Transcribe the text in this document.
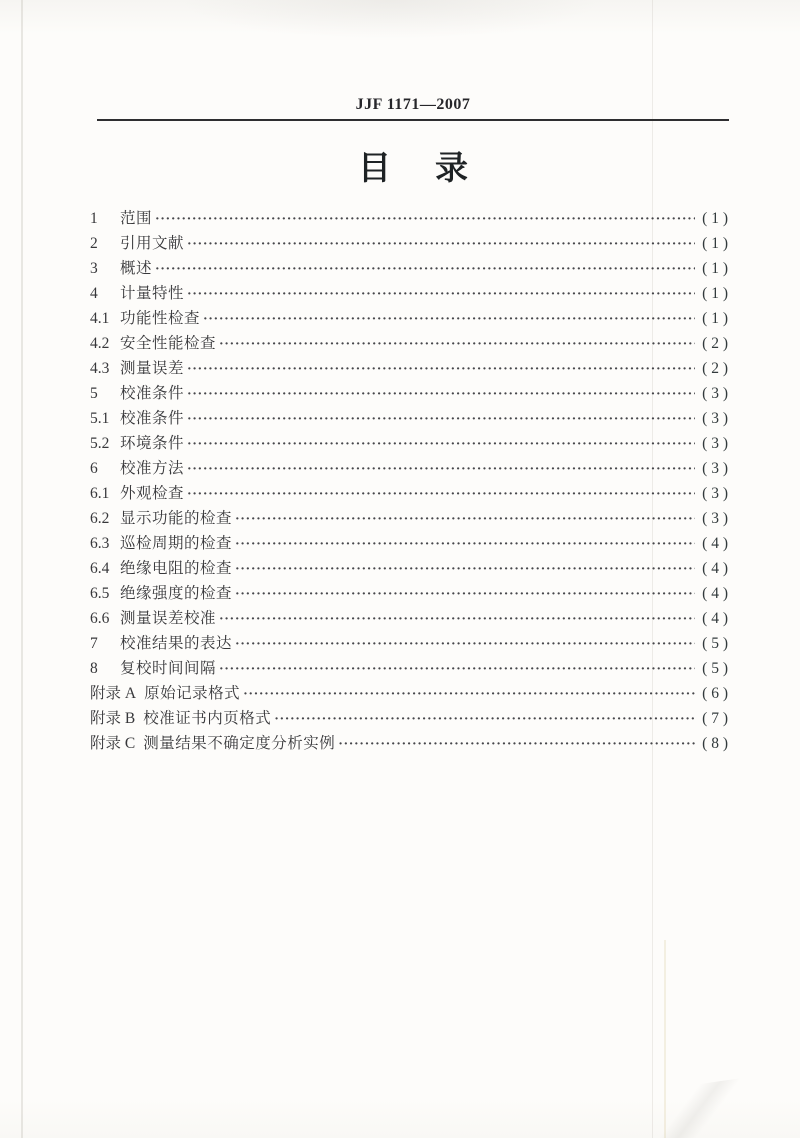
JJF 1171—2007
目 录
1	范围 ·····	( 1 )
2	引用文献 ·····	( 1 )
3	概述 ·····	( 1 )
4	计量特性 ·····	( 1 )
4.1 功能性检查 ·····	( 1 )
4.2 安全性能检查 ·····	( 2 )
4.3 测量误差 ·····	( 2 )
5	校准条件 ·····	( 3 )
5.1 校准条件 ·····	( 3 )
5.2 环境条件 ·····	( 3 )
6	校准方法 ·····	( 3 )
6.1 外观检查 ·····	( 3 )
6.2 显示功能的检查 ·····	( 3 )
6.3 巡检周期的检查 ·····	( 4 )
6.4 绝缘电阻的检查 ·····	( 4 )
6.5 绝缘强度的检查 ·····	( 4 )
6.6 测量误差校准 ·····	( 4 )
7	校准结果的表达 ·····	( 5 )
8	复校时间间隔 ·····	( 5 )
附录 A 原始记录格式 ·····	( 6 )
附录 B 校准证书内页格式 ·····	( 7 )
附录 C 测量结果不确定度分析实例 ·····	( 8 )
